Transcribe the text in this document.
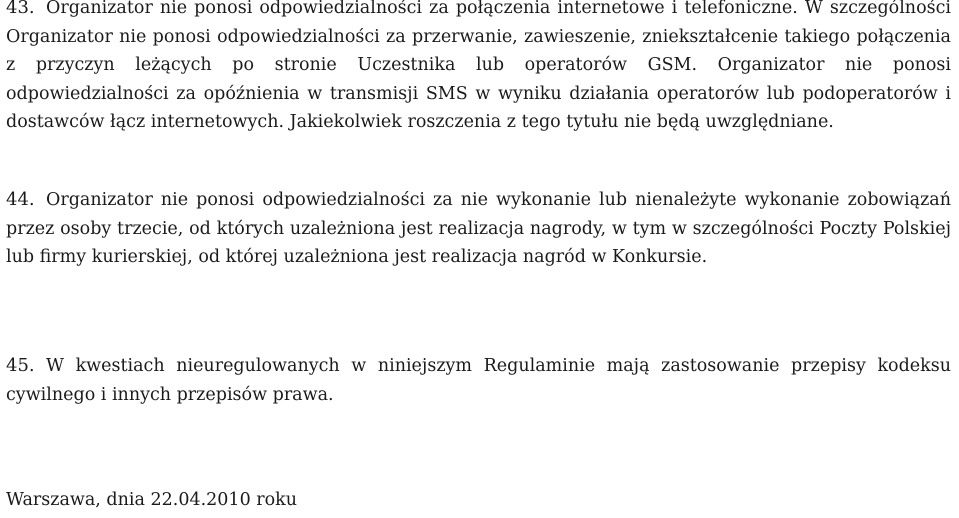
43. Organizator nie ponosi odpowiedzialności za połączenia internetowe i telefoniczne. W szczególności Organizator nie ponosi odpowiedzialności za przerwanie, zawieszenie, zniekształcenie takiego połączenia z przyczyn leżących po stronie Uczestnika lub operatorów GSM. Organizator nie ponosi odpowiedzialności za opóźnienia w transmisji SMS w wyniku działania operatorów lub podoperatorów i dostawców łącz internetowych. Jakiekolwiek roszczenia z tego tytułu nie będą uwzględniane.

44. Organizator nie ponosi odpowiedzialności za nie wykonanie lub nienależyte wykonanie zobowiązań przez osoby trzecie, od których uzależniona jest realizacja nagrody, w tym w szczególności Poczty Polskiej lub firmy kurierskiej, od której uzależniona jest realizacja nagród w Konkursie.

45. W kwestiach nieuregulowanych w niniejszym Regulaminie mają zastosowanie przepisy kodeksu cywilnego i innych przepisów prawa.

Warszawa, dnia 22.04.2010 roku
